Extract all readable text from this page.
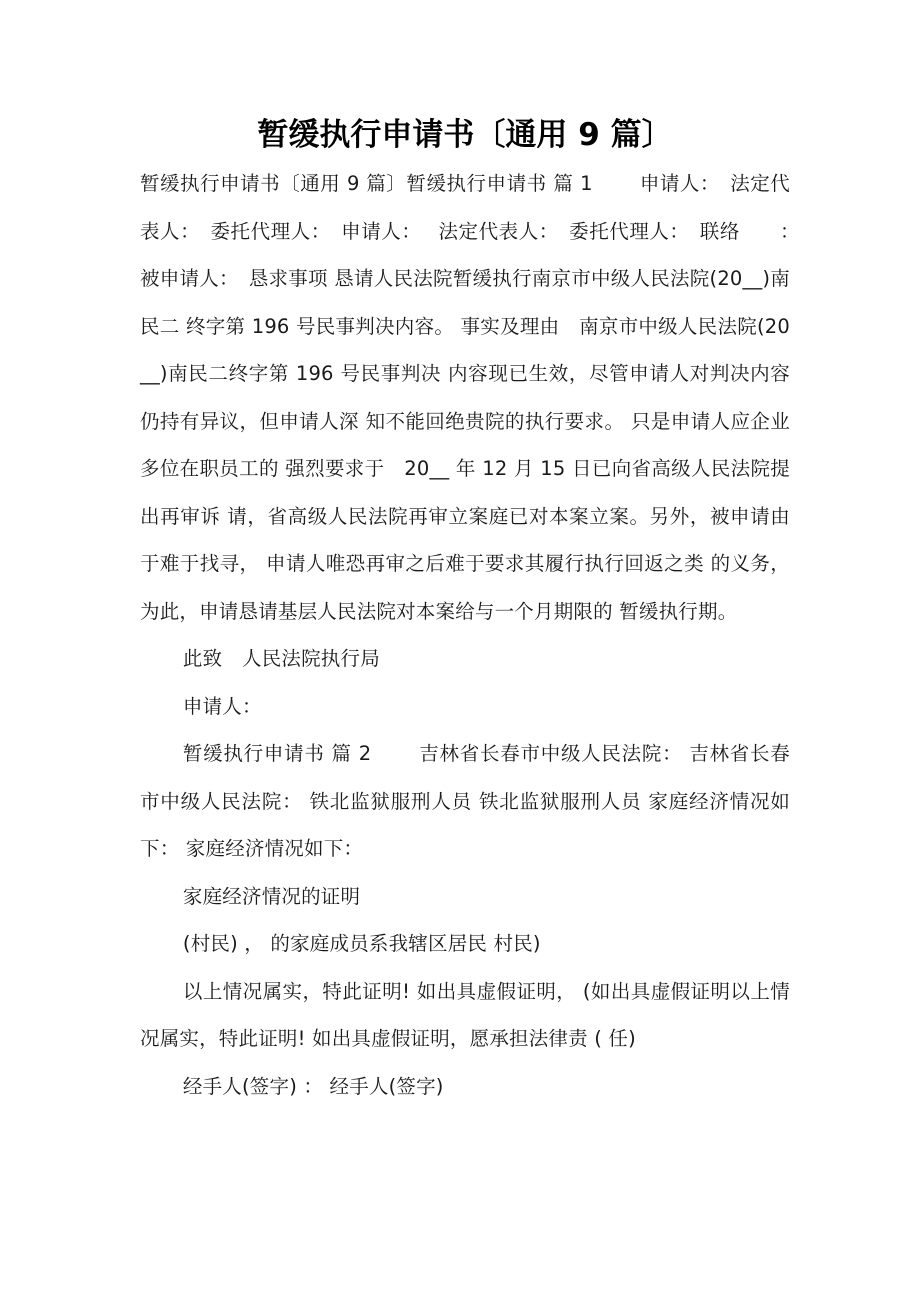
暂缓执行申请书〔通用 9 篇〕

暂缓执行申请书〔通用 9 篇〕暂缓执行申请书 篇 1　　 申请人：　法定代表人：　委托代理人：　申请人：　 法定代表人：　委托代理人：　联络　　：　被申请人：　恳求事项 恳请人民法院暂缓执行南京市中级人民法院(20__)南民二 终字第 196 号民事判决内容。 事实及理由　南京市中级人民法院(20__)南民二终字第 196 号民事判决 内容现已生效，尽管申请人对判决内容仍持有异议，但申请人深 知不能回绝贵院的执行要求。 只是申请人应企业多位在职员工的 强烈要求于　20__ 年 12 月 15 日已向省高级人民法院提出再审诉 请，省高级人民法院再审立案庭已对本案立案。另外，被申请由 于难于找寻， 申请人唯恐再审之后难于要求其履行执行回返之类 的义务，为此，申请恳请基层人民法院对本案给与一个月期限的 暂缓执行期。

此致　人民法院执行局

申请人：

暂缓执行申请书 篇 2　　 吉林省长春市中级人民法院： 吉林省长春市中级人民法院： 铁北监狱服刑人员 铁北监狱服刑人员 家庭经济情况如下： 家庭经济情况如下：

家庭经济情况的证明

(村民) ， 的家庭成员系我辖区居民 村民)

以上情况属实，特此证明! 如出具虚假证明， (如出具虚假证明以上情况属实，特此证明! 如出具虚假证明，愿承担法律责 ( 任)

经手人(签字) ： 经手人(签字)
